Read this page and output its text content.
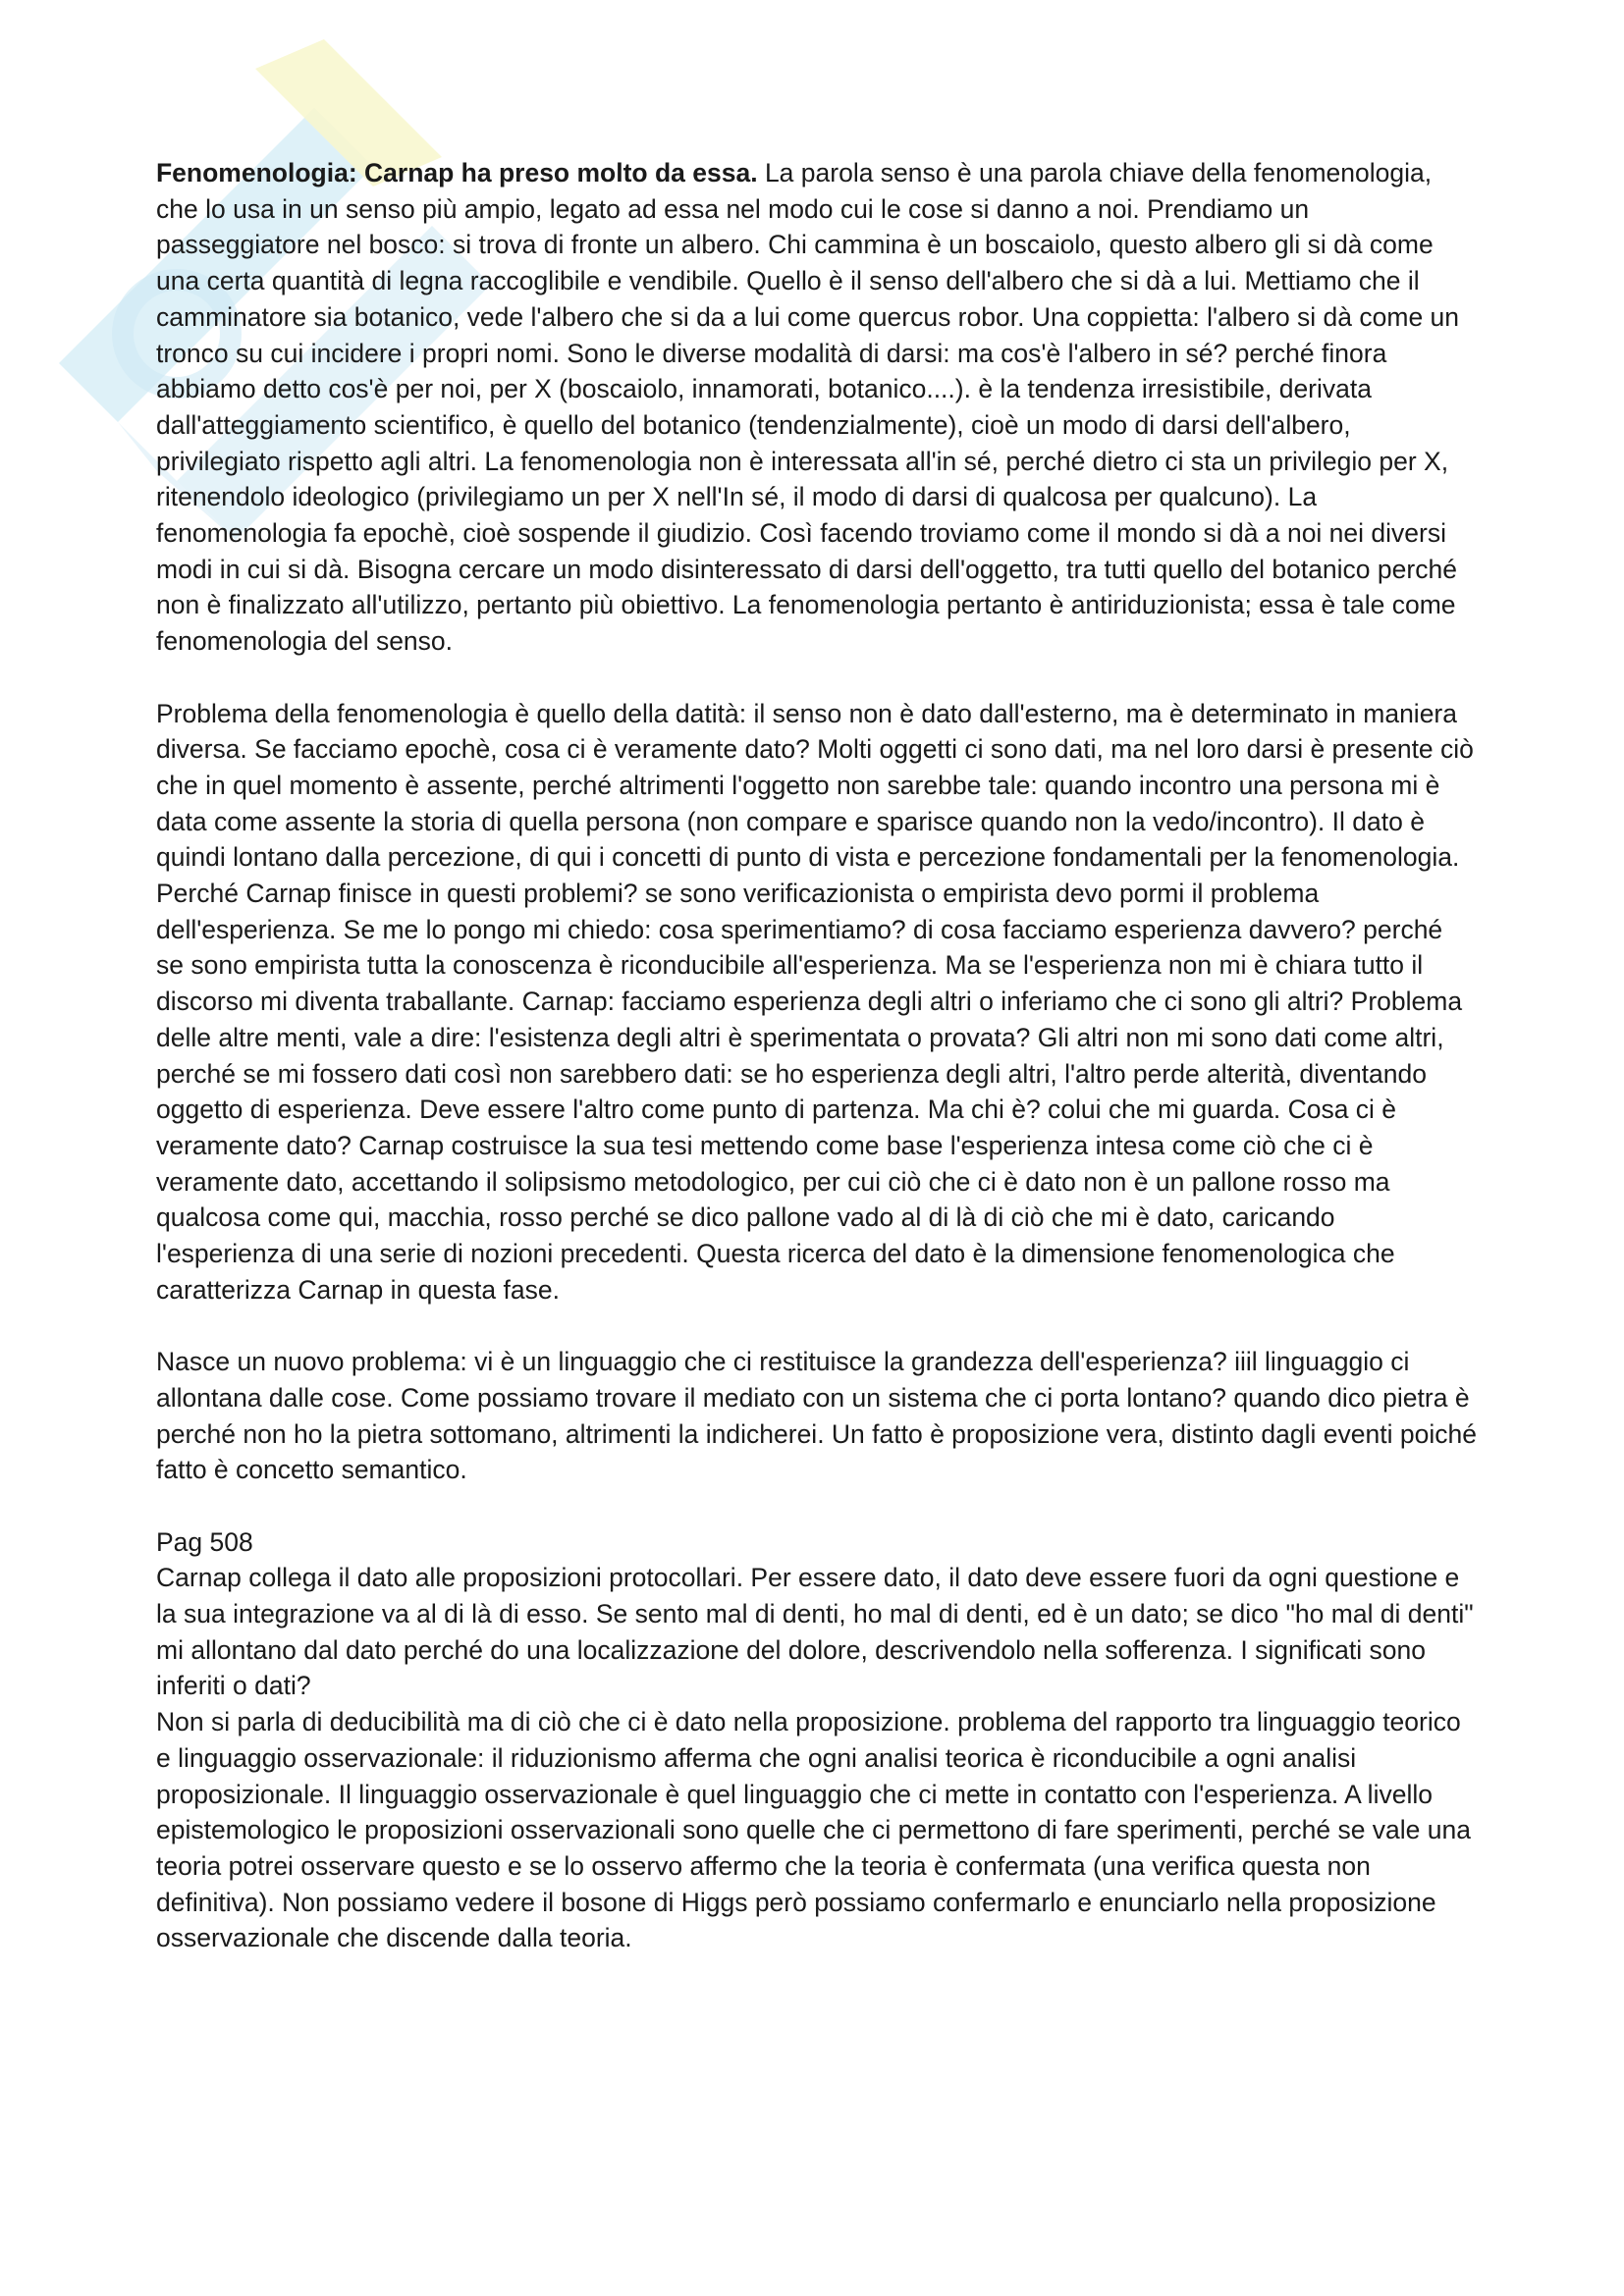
Fenomenologia: Carnap ha preso molto da essa. La parola senso è una parola chiave della fenomenologia, che lo usa in un senso più ampio, legato ad essa nel modo cui le cose si danno a noi. Prendiamo un passeggiatore nel bosco: si trova di fronte un albero. Chi cammina è un boscaiolo, questo albero gli si dà come una certa quantità di legna raccoglibile e vendibile. Quello è il senso dell'albero che si dà a lui. Mettiamo che il camminatore sia botanico, vede l'albero che si da a lui come quercus robor. Una coppietta: l'albero si dà come un tronco su cui incidere i propri nomi. Sono le diverse modalità di darsi: ma cos'è l'albero in sé? perché finora abbiamo detto cos'è per noi, per X (boscaiolo, innamorati, botanico....). è la tendenza irresistibile, derivata dall'atteggiamento scientifico, è quello del botanico (tendenzialmente), cioè un modo di darsi dell'albero, privilegiato rispetto agli altri. La fenomenologia non è interessata all'in sé, perché dietro ci sta un privilegio per X, ritenendolo ideologico (privilegiamo un per X nell'In sé, il modo di darsi di qualcosa per qualcuno). La fenomenologia fa epochè, cioè sospende il giudizio. Così facendo troviamo come il mondo si dà a noi nei diversi modi in cui si dà. Bisogna cercare un modo disinteressato di darsi dell'oggetto, tra tutti quello del botanico perché non è finalizzato all'utilizzo, pertanto più obiettivo. La fenomenologia pertanto è antiriduzionista; essa è tale come fenomenologia del senso.

Problema della fenomenologia è quello della datità: il senso non è dato dall'esterno, ma è determinato in maniera diversa. Se facciamo epochè, cosa ci è veramente dato? Molti oggetti ci sono dati, ma nel loro darsi è presente ciò che in quel momento è assente, perché altrimenti l'oggetto non sarebbe tale: quando incontro una persona mi è data come assente la storia di quella persona (non compare e sparisce quando non la vedo/incontro). Il dato è quindi lontano dalla percezione, di qui i concetti di punto di vista e percezione fondamentali per la fenomenologia. Perché Carnap finisce in questi problemi? se sono verificazionista o empirista devo pormi il problema dell'esperienza. Se me lo pongo mi chiedo: cosa sperimentiamo? di cosa facciamo esperienza davvero? perché se sono empirista tutta la conoscenza è riconducibile all'esperienza. Ma se l'esperienza non mi è chiara tutto il discorso mi diventa traballante. Carnap: facciamo esperienza degli altri o inferiamo che ci sono gli altri? Problema delle altre menti, vale a dire: l'esistenza degli altri è sperimentata o provata? Gli altri non mi sono dati come altri, perché se mi fossero dati così non sarebbero dati: se ho esperienza degli altri, l'altro perde alterità, diventando oggetto di esperienza. Deve essere l'altro come punto di partenza. Ma chi è? colui che mi guarda. Cosa ci è veramente dato? Carnap costruisce la sua tesi mettendo come base l'esperienza intesa come ciò che ci è veramente dato, accettando il solipsismo metodologico, per cui ciò che ci è dato non è un pallone rosso ma qualcosa come qui, macchia, rosso perché se dico pallone vado al di là di ciò che mi è dato, caricando l'esperienza di una serie di nozioni precedenti. Questa ricerca del dato è la dimensione fenomenologica che caratterizza Carnap in questa fase.

Nasce un nuovo problema: vi è un linguaggio che ci restituisce la grandezza dell'esperienza? iiil linguaggio ci allontana dalle cose. Come possiamo trovare il mediato con un sistema che ci porta lontano? quando dico pietra è perché non ho la pietra sottomano, altrimenti la indicherei. Un fatto è proposizione vera, distinto dagli eventi poiché fatto è concetto semantico.

Pag 508

Carnap collega il dato alle proposizioni protocollari. Per essere dato, il dato deve essere fuori da ogni questione e la sua integrazione va al di là di esso. Se sento mal di denti, ho mal di denti, ed è un dato; se dico "ho mal di denti" mi allontano dal dato perché do una localizzazione del dolore, descrivendolo nella sofferenza. I significati sono inferiti o dati?

Non si parla di deducibilità ma di ciò che ci è dato nella proposizione. problema del rapporto tra linguaggio teorico e linguaggio osservazionale: il riduzionismo afferma che ogni analisi teorica è riconducibile a ogni analisi proposizionale. Il linguaggio osservazionale è quel linguaggio che ci mette in contatto con l'esperienza. A livello epistemologico le proposizioni osservazionali sono quelle che ci permettono di fare sperimenti, perché se vale una teoria potrei osservare questo e se lo osservo affermo che la teoria è confermata (una verifica questa non definitiva). Non possiamo vedere il bosone di Higgs però possiamo confermarlo e enunciarlo nella proposizione osservazionale che discende dalla teoria.
